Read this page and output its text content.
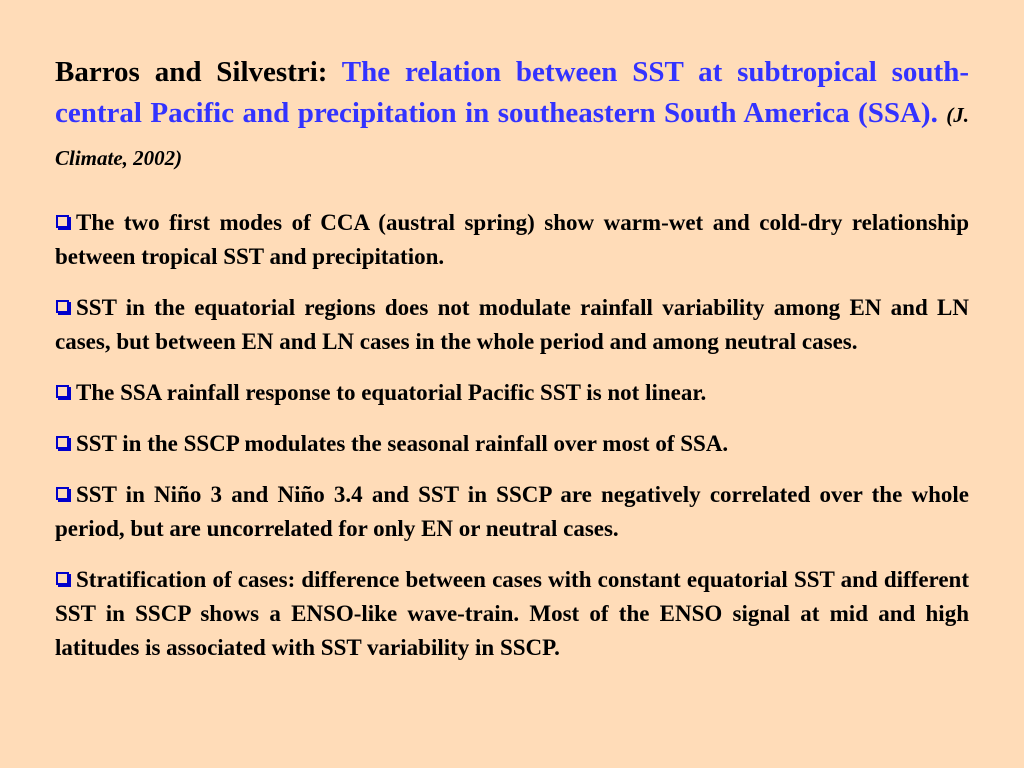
Barros and Silvestri: The relation between SST at subtropical south-central Pacific and precipitation in southeastern South America (SSA). (J. Climate, 2002)

The two first modes of CCA (austral spring) show warm-wet and cold-dry relationship between tropical SST and precipitation.
SST in the equatorial regions does not modulate rainfall variability among EN and LN cases, but between EN and LN cases in the whole period and among neutral cases.
The SSA rainfall response to equatorial Pacific SST is not linear.
SST in the SSCP modulates the seasonal rainfall over most of SSA.
SST in Niño 3 and Niño 3.4 and SST in SSCP are negatively correlated over the whole period, but are uncorrelated for only EN or neutral cases.
Stratification of cases: difference between cases with constant equatorial SST and different SST in SSCP shows a ENSO-like wave-train. Most of the ENSO signal at mid and high latitudes is associated with SST variability in SSCP.
